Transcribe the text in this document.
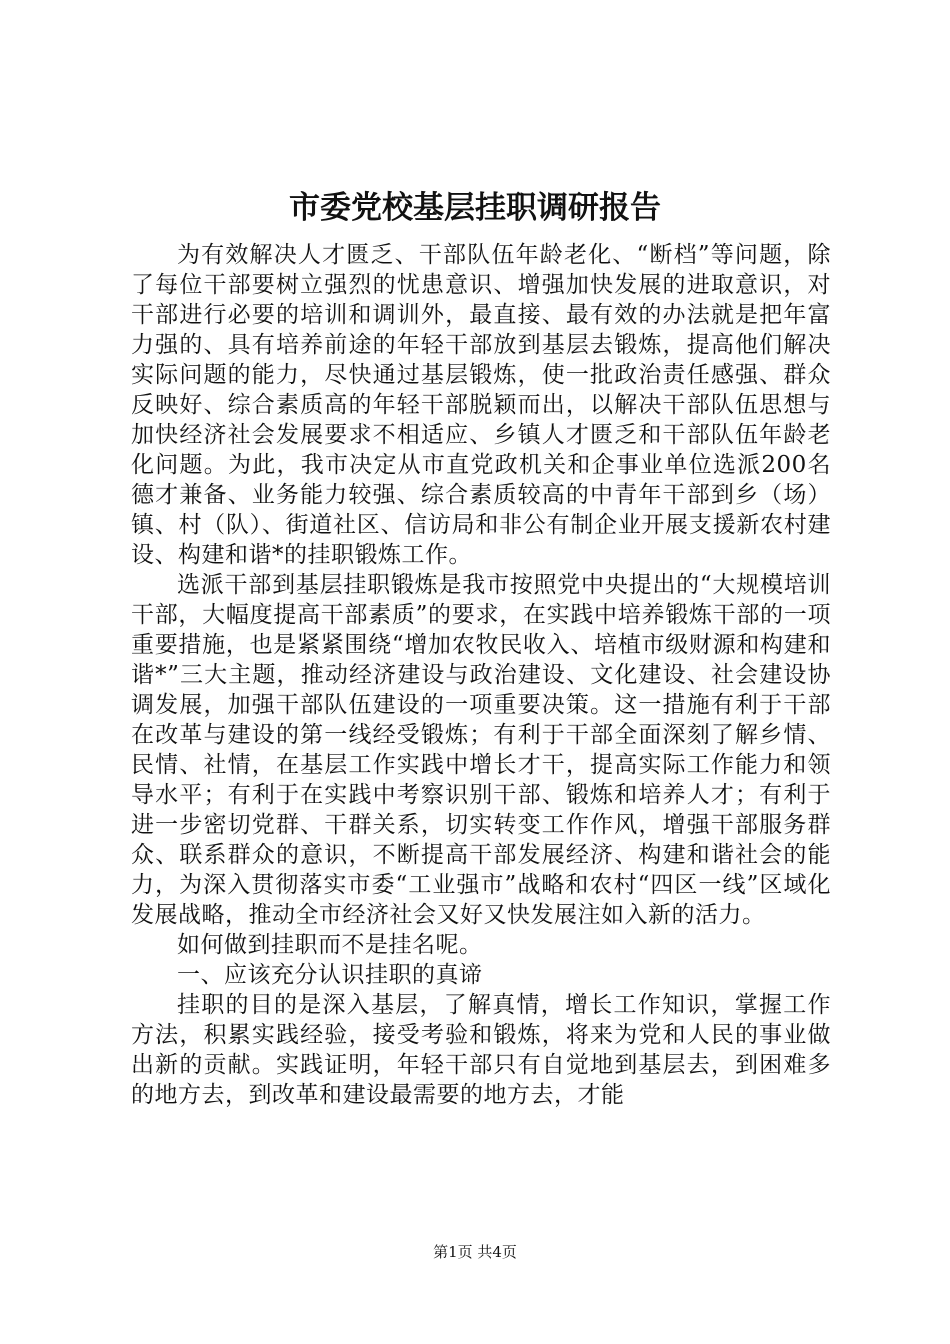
市委党校基层挂职调研报告

为有效解决人才匮乏、干部队伍年龄老化、“断档”等问题，除了每位干部要树立强烈的忧患意识、增强加快发展的进取意识，对干部进行必要的培训和调训外，最直接、最有效的办法就是把年富力强的、具有培养前途的年轻干部放到基层去锻炼，提高他们解决实际问题的能力，尽快通过基层锻炼，使一批政治责任感强、群众反映好、综合素质高的年轻干部脱颖而出，以解决干部队伍思想与加快经济社会发展要求不相适应、乡镇人才匮乏和干部队伍年龄老化问题。为此，我市决定从市直党政机关和企事业单位选派200名德才兼备、业务能力较强、综合素质较高的中青年干部到乡（场）镇、村（队）、街道社区、信访局和非公有制企业开展支援新农村建设、构建和谐*的挂职锻炼工作。

选派干部到基层挂职锻炼是我市按照党中央提出的“大规模培训干部，大幅度提高干部素质”的要求，在实践中培养锻炼干部的一项重要措施，也是紧紧围绕“增加农牧民收入、培植市级财源和构建和谐*”三大主题，推动经济建设与政治建设、文化建设、社会建设协调发展，加强干部队伍建设的一项重要决策。这一措施有利于干部在改革与建设的第一线经受锻炼；有利于干部全面深刻了解乡情、民情、社情，在基层工作实践中增长才干，提高实际工作能力和领导水平；有利于在实践中考察识别干部、锻炼和培养人才；有利于进一步密切党群、干群关系，切实转变工作作风，增强干部服务群众、联系群众的意识，不断提高干部发展经济、构建和谐社会的能力，为深入贯彻落实市委“工业强市”战略和农村“四区一线”区域化发展战略，推动全市经济社会又好又快发展注如入新的活力。

如何做到挂职而不是挂名呢。

一、应该充分认识挂职的真谛

挂职的目的是深入基层，了解真情，增长工作知识，掌握工作方法，积累实践经验，接受考验和锻炼，将来为党和人民的事业做出新的贡献。实践证明，年轻干部只有自觉地到基层去，到困难多的地方去，到改革和建设最需要的地方去，才能

第1页 共4页
